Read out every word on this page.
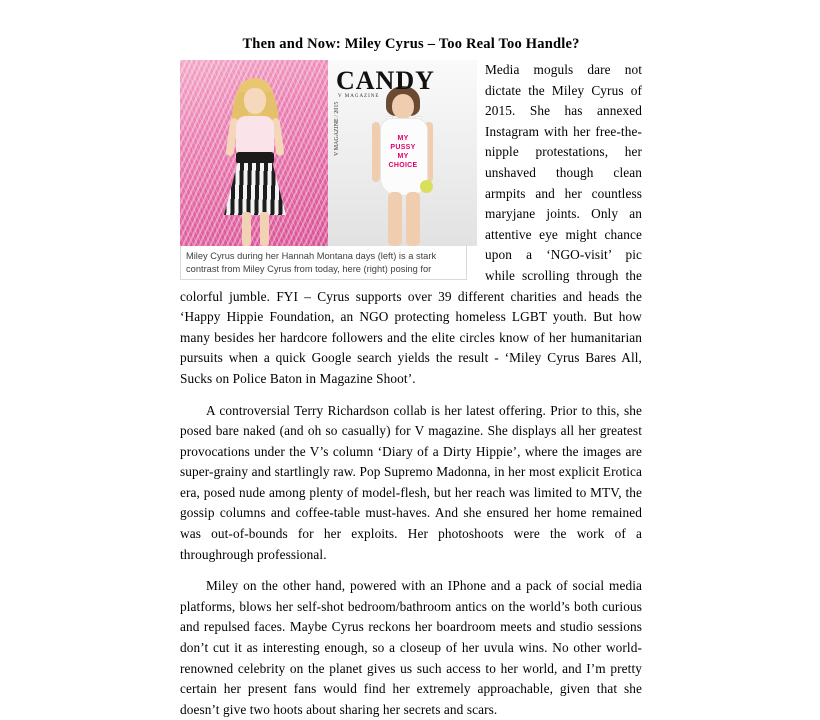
Then and Now: Miley Cyrus – Too Real Too Handle?
MY PUSSY MY CHOICE
CANDY
V MAGAZINE
V MAGAZINE / 2015
Miley Cyrus during her Hannah Montana days (left) is a stark contrast from Miley Cyrus from today, here (right) posing for

Media moguls dare not dictate the Miley Cyrus of 2015. She has annexed Instagram with her free-the-nipple protestations, her unshaved though clean armpits and her countless maryjane joints. Only an attentive eye might chance upon a ‘NGO-visit’ pic while scrolling through the colorful jumble. FYI – Cyrus supports over 39 different charities and heads the ‘Happy Hippie Foundation, an NGO protecting homeless LGBT youth. But how many besides her hardcore followers and the elite circles know of her humanitarian pursuits when a quick Google search yields the result - ‘Miley Cyrus Bares All, Sucks on Police Baton in Magazine Shoot’.

A controversial Terry Richardson collab is her latest offering. Prior to this, she posed bare naked (and oh so casually) for V magazine. She displays all her greatest provocations under the V’s column ‘Diary of a Dirty Hippie’, where the images are super-grainy and startlingly raw. Pop Supremo Madonna, in her most explicit Erotica era, posed nude among plenty of model-flesh, but her reach was limited to MTV, the gossip columns and coffee-table must-haves. And she ensured her home remained was out-of-bounds for her exploits. Her photoshoots were the work of a throughrough professional.

Miley on the other hand, powered with an IPhone and a pack of social media platforms, blows her self-shot bedroom/bathroom antics on the world’s both curious and repulsed faces. Maybe Cyrus reckons her boardroom meets and studio sessions don’t cut it as interesting enough, so a closeup of her uvula wins. No other world-renowned celebrity on the planet gives us such access to her world, and I’m pretty certain her present fans would find her extremely approachable, given that she doesn’t give two hoots about sharing her secrets and scars.
